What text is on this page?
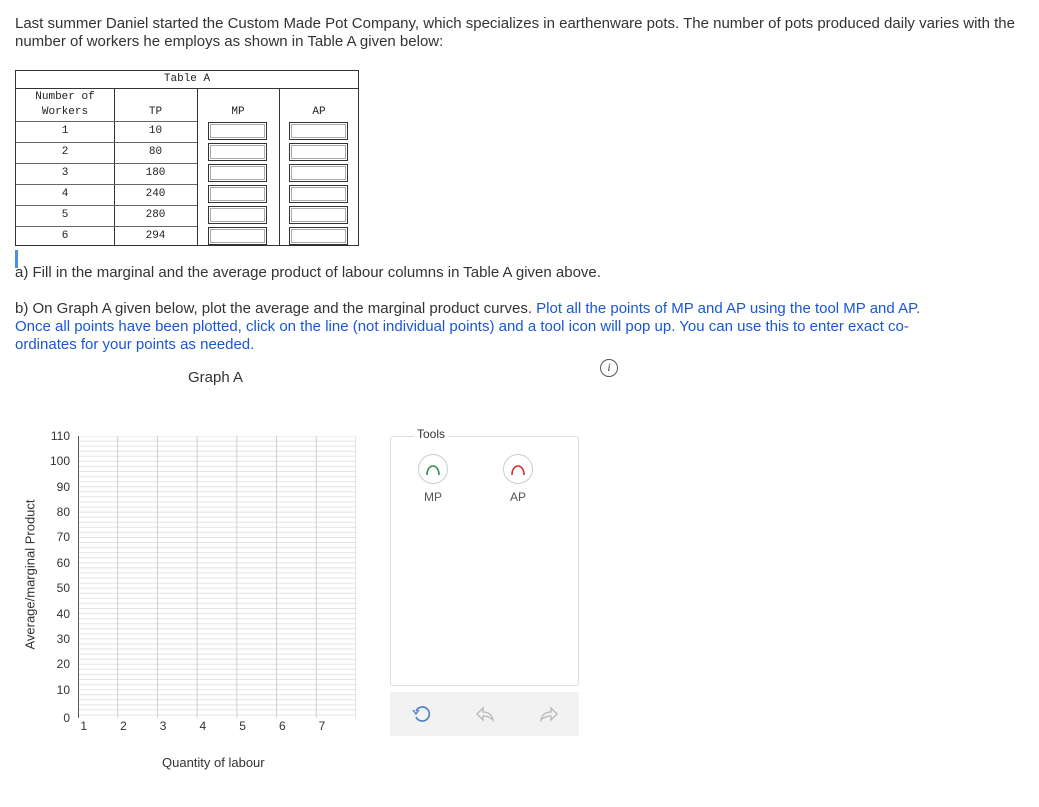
Last summer Daniel started the Custom Made Pot Company, which specializes in earthenware pots. The number of pots produced daily varies with the number of workers he employs as shown in Table A given below:
Table A
Number of
Workers	TP	MP	AP
1	10
2	80
3	180
4	240
5	280
6	294
a) Fill in the marginal and the average product of labour columns in Table A given above.
b) On Graph A given below, plot the average and the marginal product curves. Plot all the points of MP and AP using the tool MP and AP. Once all points have been plotted, click on the line (not individual points) and a tool icon will pop up. You can use this to enter exact co-ordinates for your points as needed.
i
Graph A
110
100
90
80
70
60
50
40
30
20
10
0
1	2	3	4	5	6	7
Average/marginal Product
Quantity of labour
Tools
MP	AP
